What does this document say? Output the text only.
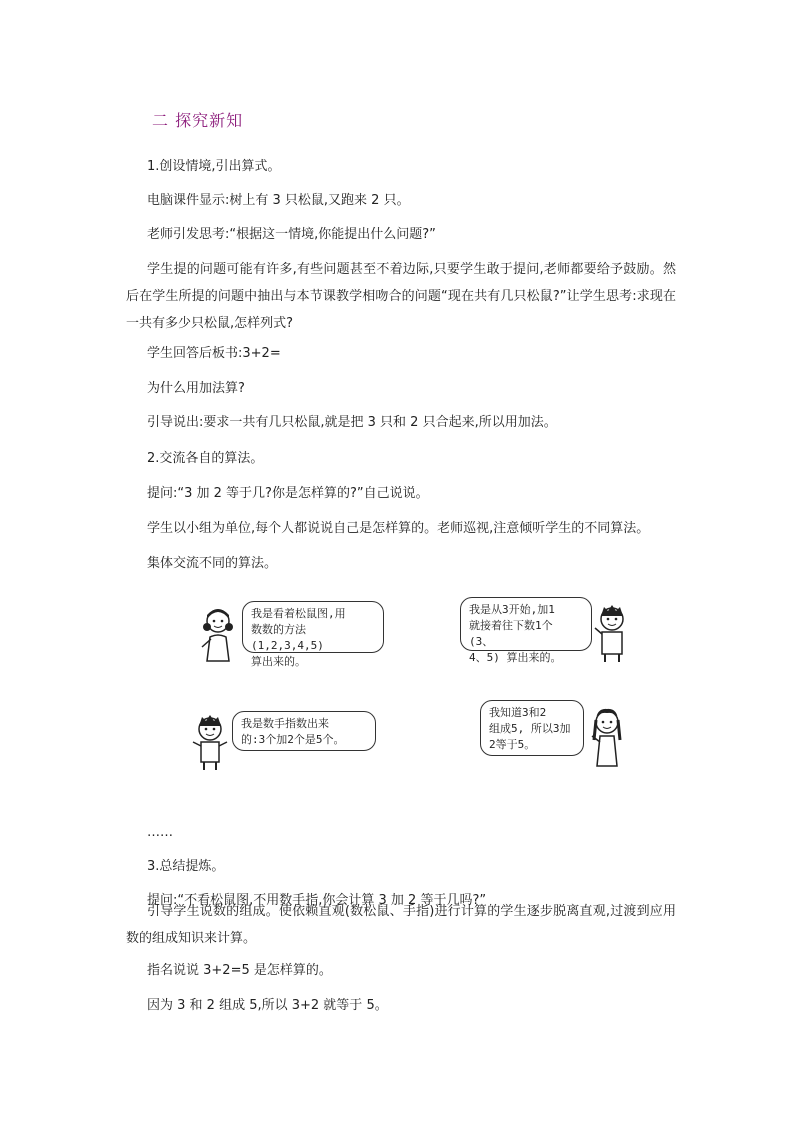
二 探究新知
1.创设情境,引出算式。
电脑课件显示:树上有 3 只松鼠,又跑来 2 只。
老师引发思考:“根据这一情境,你能提出什么问题?”
学生提的问题可能有许多,有些问题甚至不着边际,只要学生敢于提问,老师都要给予鼓励。然后在学生所提的问题中抽出与本节课教学相吻合的问题“现在共有几只松鼠?”让学生思考:求现在一共有多少只松鼠,怎样列式?
学生回答后板书:3+2=
为什么用加法算?
引导说出:要求一共有几只松鼠,就是把 3 只和 2 只合起来,所以用加法。
2.交流各自的算法。
提问:“3 加 2 等于几?你是怎样算的?”自己说说。
学生以小组为单位,每个人都说说自己是怎样算的。老师巡视,注意倾听学生的不同算法。
集体交流不同的算法。
我是看着松鼠图,用
数数的方法(1,2,3,4,5)
算出来的。
我是从3开始,加1
就接着往下数1个 (3、
4、5) 算出来的。
我是数手指数出来
的:3个加2个是5个。
我知道3和2
组成5, 所以3加
2等于5。
……
3.总结提炼。
提问:“不看松鼠图,不用数手指,你会计算 3 加 2 等于几吗?”
引导学生说数的组成。使依赖直观(数松鼠、手指)进行计算的学生逐步脱离直观,过渡到应用数的组成知识来计算。
指名说说 3+2=5 是怎样算的。
因为 3 和 2 组成 5,所以 3+2 就等于 5。
